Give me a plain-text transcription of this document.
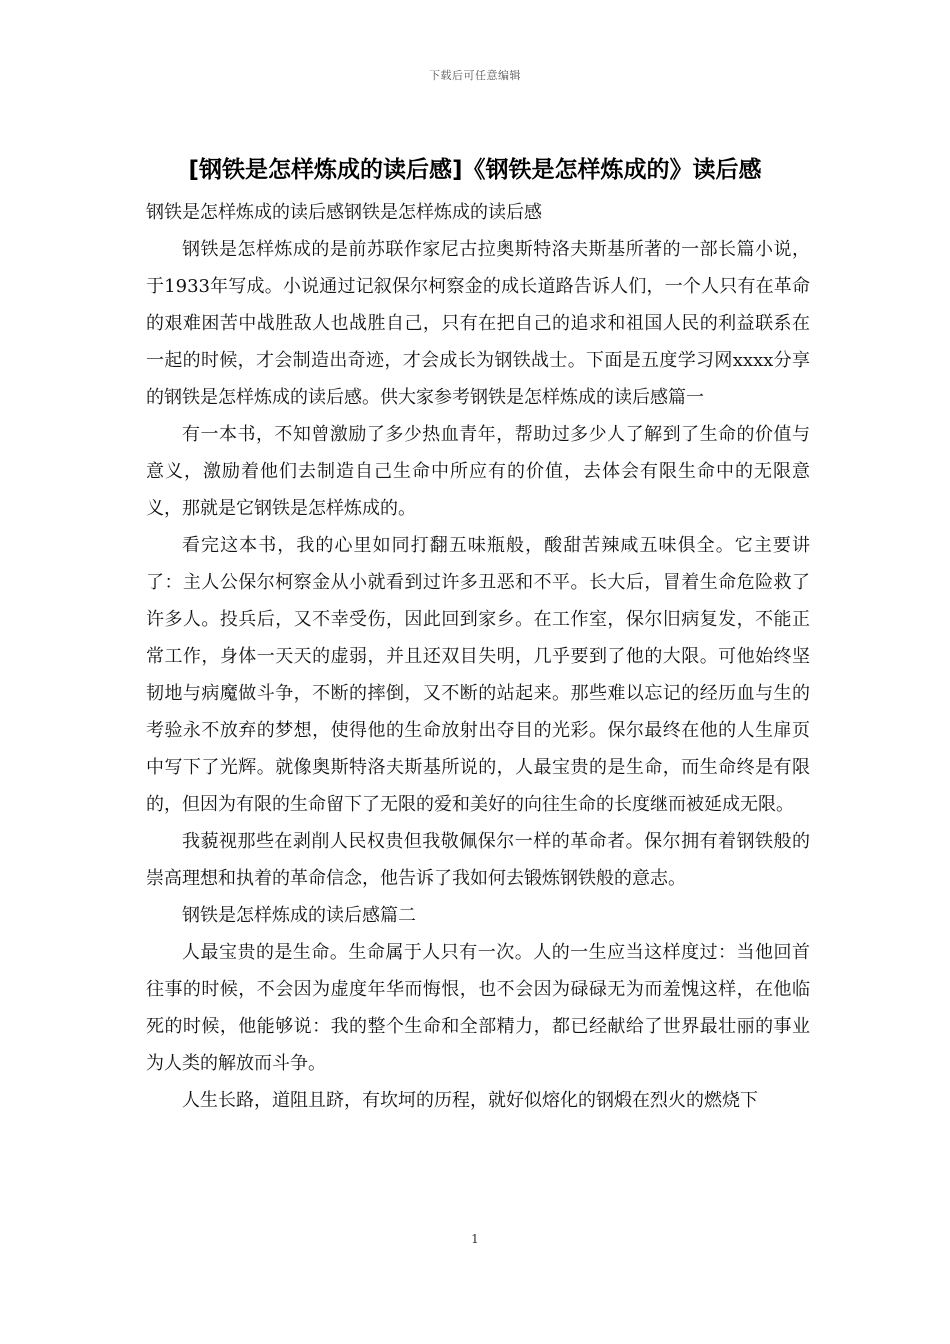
下载后可任意编辑
[钢铁是怎样炼成的读后感]《钢铁是怎样炼成的》读后感

钢铁是怎样炼成的读后感钢铁是怎样炼成的读后感

钢铁是怎样炼成的是前苏联作家尼古拉奥斯特洛夫斯基所著的一部长篇小说，于1933年写成。小说通过记叙保尔柯察金的成长道路告诉人们，一个人只有在革命的艰难困苦中战胜敌人也战胜自己，只有在把自己的追求和祖国人民的利益联系在一起的时候，才会制造出奇迹，才会成长为钢铁战士。下面是五度学习网xxxx分享的钢铁是怎样炼成的读后感。供大家参考钢铁是怎样炼成的读后感篇一

有一本书，不知曾激励了多少热血青年，帮助过多少人了解到了生命的价值与意义，激励着他们去制造自己生命中所应有的价值，去体会有限生命中的无限意义，那就是它钢铁是怎样炼成的。

看完这本书，我的心里如同打翻五味瓶般，酸甜苦辣咸五味俱全。它主要讲了：主人公保尔柯察金从小就看到过许多丑恶和不平。长大后，冒着生命危险救了许多人。投兵后，又不幸受伤，因此回到家乡。在工作室，保尔旧病复发，不能正常工作，身体一天天的虚弱，并且还双目失明，几乎要到了他的大限。可他始终坚韧地与病魔做斗争，不断的摔倒，又不断的站起来。那些难以忘记的经历血与生的考验永不放弃的梦想，使得他的生命放射出夺目的光彩。保尔最终在他的人生扉页中写下了光辉。就像奥斯特洛夫斯基所说的，人最宝贵的是生命，而生命终是有限的，但因为有限的生命留下了无限的爱和美好的向往生命的长度继而被延成无限。

我藐视那些在剥削人民权贵但我敬佩保尔一样的革命者。保尔拥有着钢铁般的崇高理想和执着的革命信念，他告诉了我如何去锻炼钢铁般的意志。

钢铁是怎样炼成的读后感篇二

人最宝贵的是生命。生命属于人只有一次。人的一生应当这样度过：当他回首往事的时候，不会因为虚度年华而悔恨，也不会因为碌碌无为而羞愧这样，在他临死的时候，他能够说：我的整个生命和全部精力，都已经献给了世界最壮丽的事业为人类的解放而斗争。

人生长路，道阻且跻，有坎坷的历程，就好似熔化的钢煅在烈火的燃烧下

1
